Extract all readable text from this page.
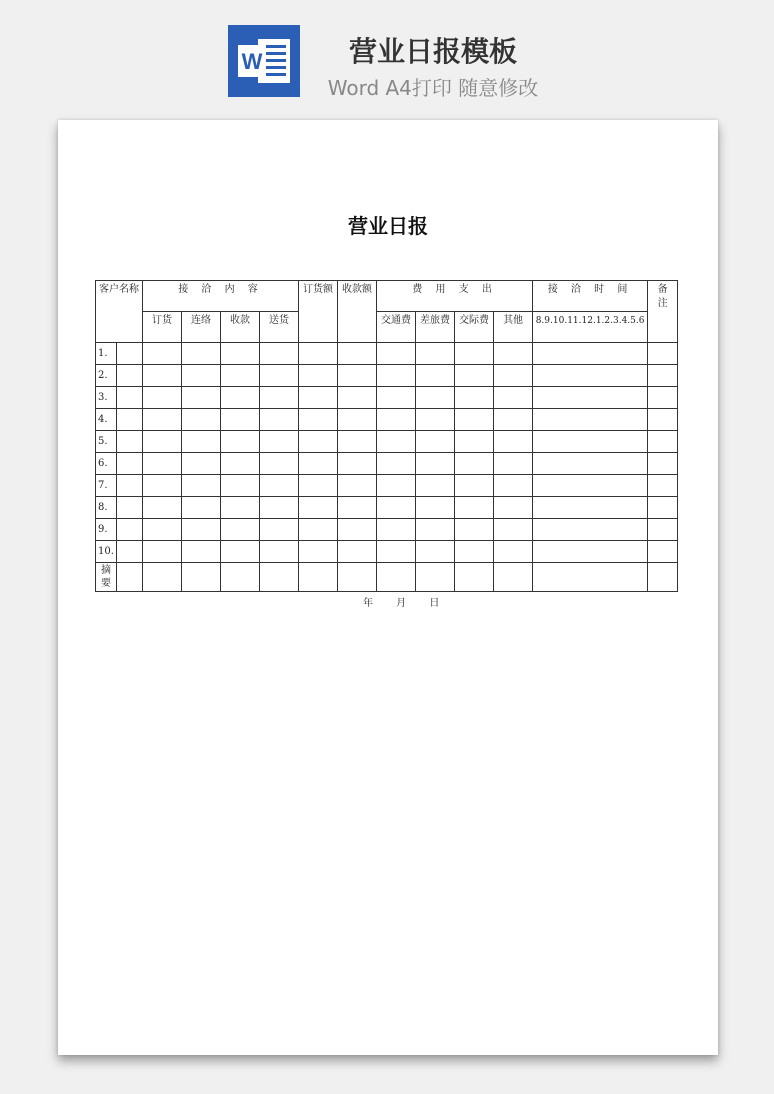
W	营业日报模板
Word A4打印 随意修改
营业日报
客户名称		接 洽 内 容				订货额	收款额	费 用 支 出				接 洽 时 间	备注
		订货	连络	收款	送货			交通费	差旅费	交际费	其他	8.9.10.11.12.1.2.3.4.5.6	
1.													
2.													
3.													
4.													
5.													
6.													
7.													
8.													
9.													
10.													
摘要													
年 月 日
